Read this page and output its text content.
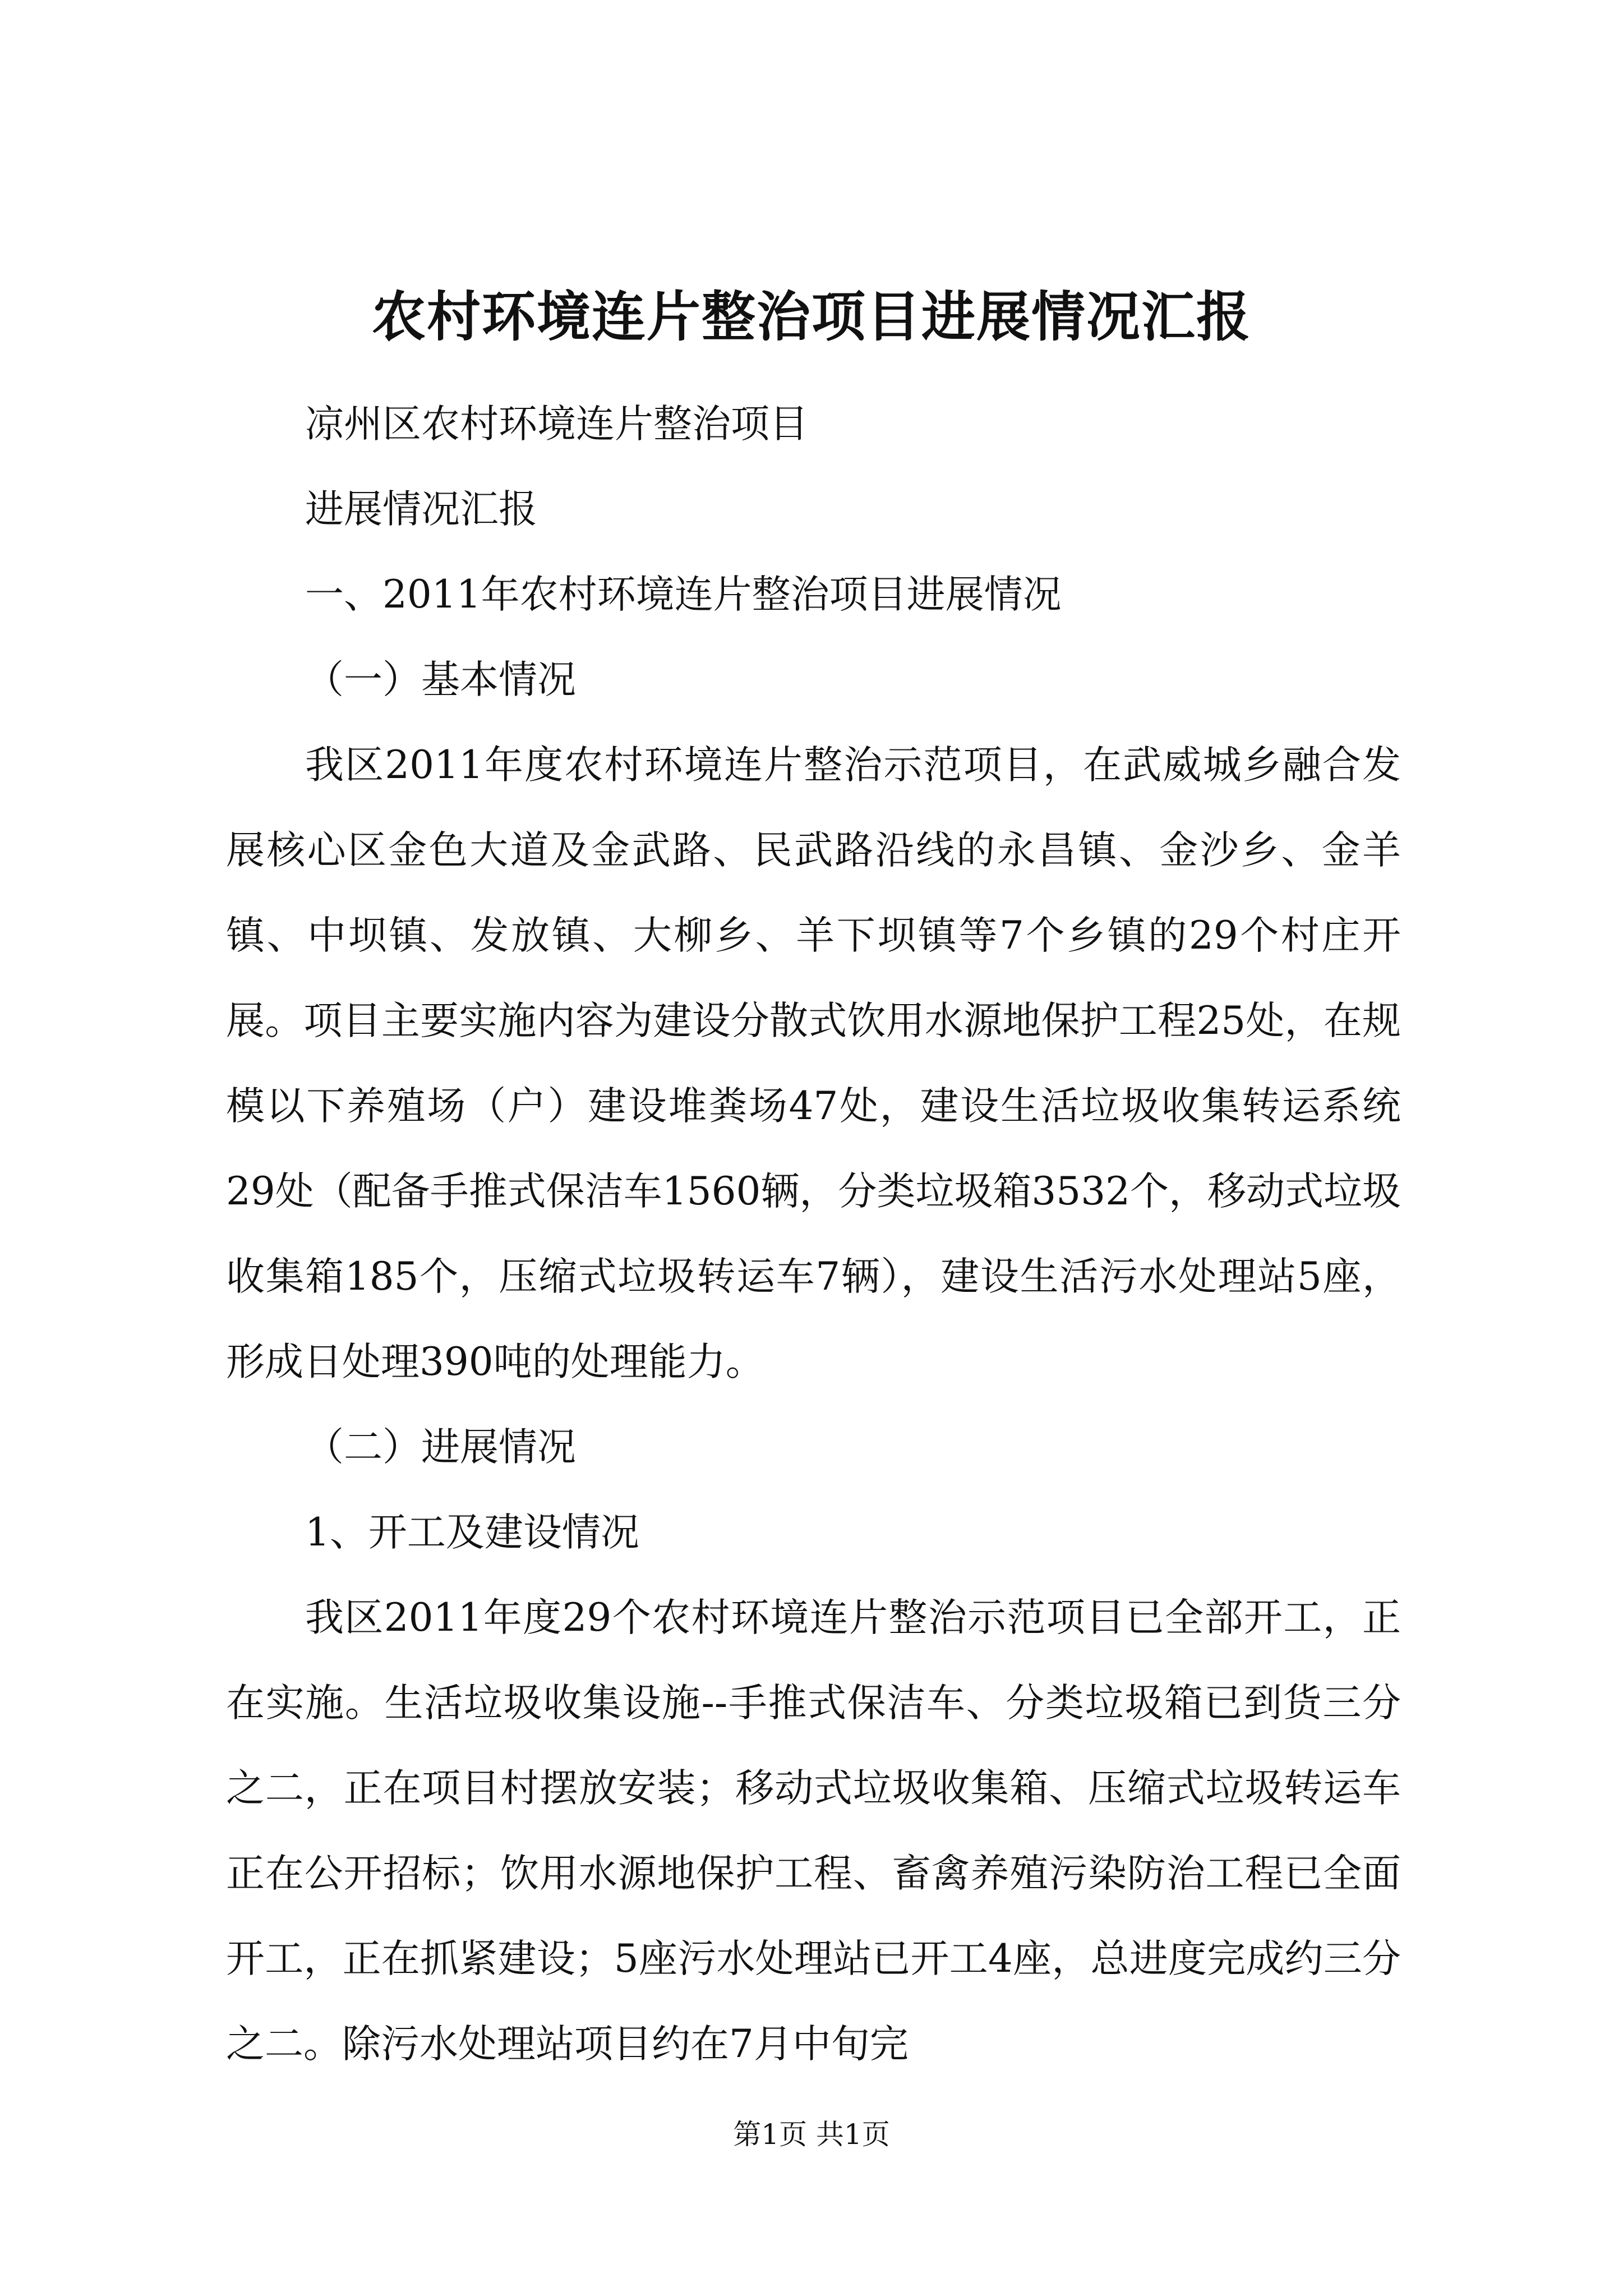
农村环境连片整治项目进展情况汇报

凉州区农村环境连片整治项目

进展情况汇报

一、2011年农村环境连片整治项目进展情况

（一）基本情况

我区2011年度农村环境连片整治示范项目，在武威城乡融合发展核心区金色大道及金武路、民武路沿线的永昌镇、金沙乡、金羊镇、中坝镇、发放镇、大柳乡、羊下坝镇等7个乡镇的29个村庄开展。项目主要实施内容为建设分散式饮用水源地保护工程25处，在规模以下养殖场（户）建设堆粪场47处，建设生活垃圾收集转运系统29处（配备手推式保洁车1560辆，分类垃圾箱3532个，移动式垃圾收集箱185个，压缩式垃圾转运车7辆），建设生活污水处理站5座，形成日处理390吨的处理能力。

（二）进展情况

1、开工及建设情况

我区2011年度29个农村环境连片整治示范项目已全部开工，正在实施。生活垃圾收集设施--手推式保洁车、分类垃圾箱已到货三分之二，正在项目村摆放安装；移动式垃圾收集箱、压缩式垃圾转运车正在公开招标；饮用水源地保护工程、畜禽养殖污染防治工程已全面开工，正在抓紧建设；5座污水处理站已开工4座，总进度完成约三分之二。除污水处理站项目约在7月中旬完

第1页 共1页
